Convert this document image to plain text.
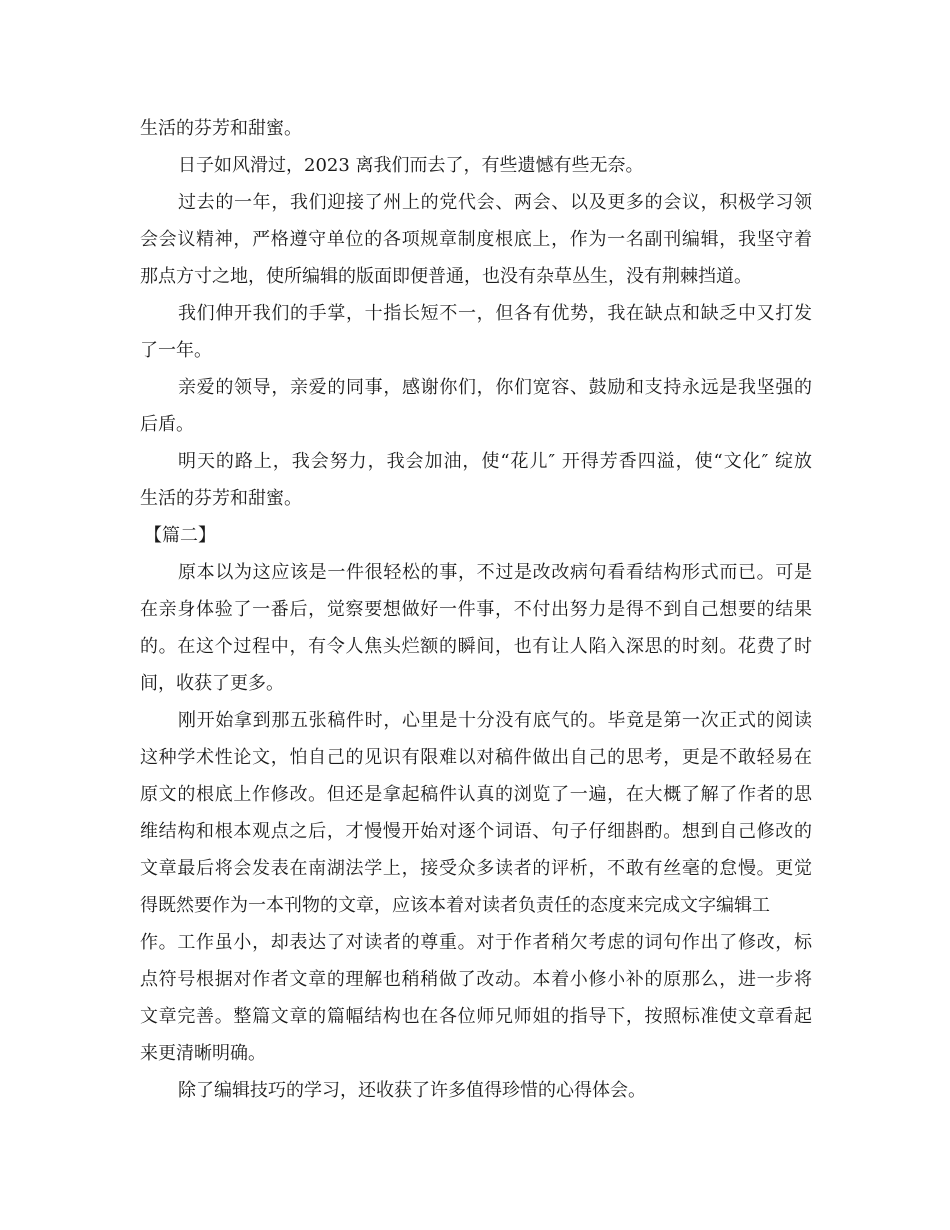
生活的芬芳和甜蜜。
日子如风滑过，2023 离我们而去了，有些遗憾有些无奈。
过去的一年，我们迎接了州上的党代会、两会、以及更多的会议，积极学习领
会会议精神，严格遵守单位的各项规章制度根底上，作为一名副刊编辑，我坚守着
那点方寸之地，使所编辑的版面即便普通，也没有杂草丛生，没有荆棘挡道。
我们伸开我们的手掌，十指长短不一，但各有优势，我在缺点和缺乏中又打发
了一年。
亲爱的领导，亲爱的同事，感谢你们，你们宽容、鼓励和支持永远是我坚强的
后盾。
明天的路上，我会努力，我会加油，使“花儿″ 开得芳香四溢，使“文化″ 绽放
生活的芬芳和甜蜜。
【篇二】
原本以为这应该是一件很轻松的事，不过是改改病句看看结构形式而已。可是
在亲身体验了一番后，觉察要想做好一件事，不付出努力是得不到自己想要的结果
的。在这个过程中，有令人焦头烂额的瞬间，也有让人陷入深思的时刻。花费了时
间，收获了更多。
刚开始拿到那五张稿件时，心里是十分没有底气的。毕竟是第一次正式的阅读
这种学术性论文，怕自己的见识有限难以对稿件做出自己的思考，更是不敢轻易在
原文的根底上作修改。但还是拿起稿件认真的浏览了一遍，在大概了解了作者的思
维结构和根本观点之后，才慢慢开始对逐个词语、句子仔细斟酌。想到自己修改的
文章最后将会发表在南湖法学上，接受众多读者的评析，不敢有丝毫的怠慢。更觉
得既然要作为一本刊物的文章，应该本着对读者负责任的态度来完成文字编辑工
作。工作虽小，却表达了对读者的尊重。对于作者稍欠考虑的词句作出了修改，标
点符号根据对作者文章的理解也稍稍做了改动。本着小修小补的原那么，进一步将
文章完善。整篇文章的篇幅结构也在各位师兄师姐的指导下，按照标准使文章看起
来更清晰明确。
除了编辑技巧的学习，还收获了许多值得珍惜的心得体会。
